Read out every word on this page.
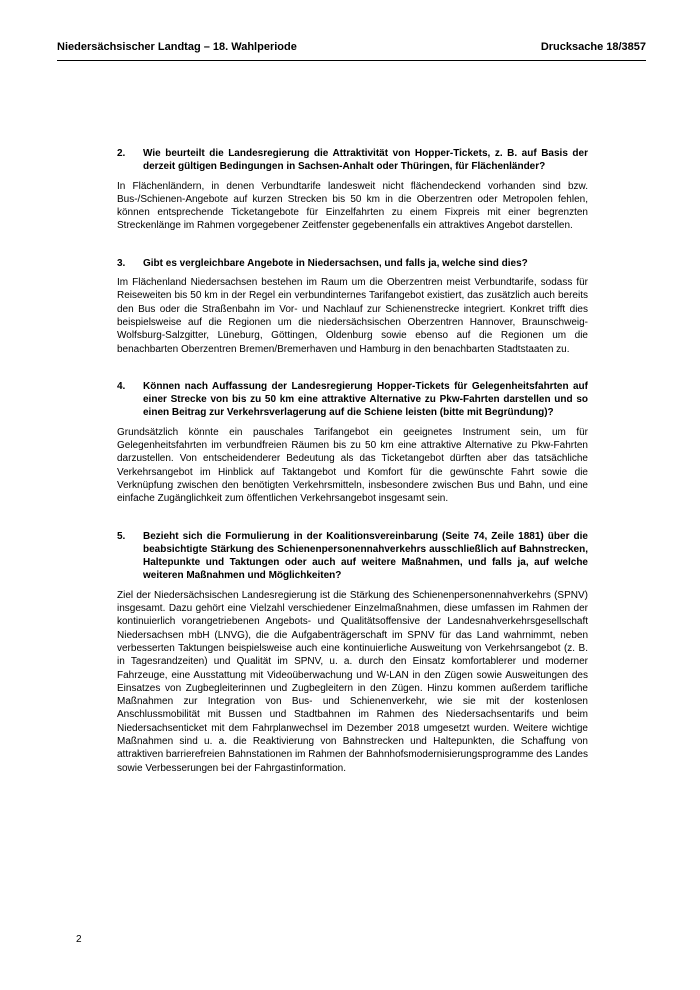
Niedersächsischer Landtag – 18. Wahlperiode	Drucksache 18/3857
2. Wie beurteilt die Landesregierung die Attraktivität von Hopper-Tickets, z. B. auf Basis der derzeit gültigen Bedingungen in Sachsen-Anhalt oder Thüringen, für Flächenländer?

In Flächenländern, in denen Verbundtarife landesweit nicht flächendeckend vorhanden sind bzw. Bus-/Schienen-Angebote auf kurzen Strecken bis 50 km in die Oberzentren oder Metropolen fehlen, können entsprechende Ticketangebote für Einzelfahrten zu einem Fixpreis mit einer begrenzten Streckenlänge im Rahmen vorgegebener Zeitfenster gegebenenfalls ein attraktives Angebot darstellen.

3. Gibt es vergleichbare Angebote in Niedersachsen, und falls ja, welche sind dies?

Im Flächenland Niedersachsen bestehen im Raum um die Oberzentren meist Verbundtarife, sodass für Reiseweiten bis 50 km in der Regel ein verbundinternes Tarifangebot existiert, das zusätzlich auch bereits den Bus oder die Straßenbahn im Vor- und Nachlauf zur Schienenstrecke integriert. Konkret trifft dies beispielsweise auf die Regionen um die niedersächsischen Oberzentren Hannover, Braunschweig-Wolfsburg-Salzgitter, Lüneburg, Göttingen, Oldenburg sowie ebenso auf die Regionen um die benachbarten Oberzentren Bremen/Bremerhaven und Hamburg in den benachbarten Stadtstaaten zu.

4. Können nach Auffassung der Landesregierung Hopper-Tickets für Gelegenheitsfahrten auf einer Strecke von bis zu 50 km eine attraktive Alternative zu Pkw-Fahrten darstellen und so einen Beitrag zur Verkehrsverlagerung auf die Schiene leisten (bitte mit Begründung)?

Grundsätzlich könnte ein pauschales Tarifangebot ein geeignetes Instrument sein, um für Gelegenheitsfahrten im verbundfreien Räumen bis zu 50 km eine attraktive Alternative zu Pkw-Fahrten darzustellen. Von entscheidenderer Bedeutung als das Ticketangebot dürften aber das tatsächliche Verkehrsangebot im Hinblick auf Taktangebot und Komfort für die gewünschte Fahrt sowie die Verknüpfung zwischen den benötigten Verkehrsmitteln, insbesondere zwischen Bus und Bahn, und eine einfache Zugänglichkeit zum öffentlichen Verkehrsangebot insgesamt sein.

5. Bezieht sich die Formulierung in der Koalitionsvereinbarung (Seite 74, Zeile 1881) über die beabsichtigte Stärkung des Schienenpersonennahverkehrs ausschließlich auf Bahnstrecken, Haltepunkte und Taktungen oder auch auf weitere Maßnahmen, und falls ja, auf welche weiteren Maßnahmen und Möglichkeiten?

Ziel der Niedersächsischen Landesregierung ist die Stärkung des Schienenpersonennahverkehrs (SPNV) insgesamt. Dazu gehört eine Vielzahl verschiedener Einzelmaßnahmen, diese umfassen im Rahmen der kontinuierlich vorangetriebenen Angebots- und Qualitätsoffensive der Landesnahverkehrsgesellschaft Niedersachsen mbH (LNVG), die die Aufgabenträgerschaft im SPNV für das Land wahrnimmt, neben verbesserten Taktungen beispielsweise auch eine kontinuierliche Ausweitung von Verkehrsangebot (z. B. in Tagesrandzeiten) und Qualität im SPNV, u. a. durch den Einsatz komfortablerer und moderner Fahrzeuge, eine Ausstattung mit Videoüberwachung und W-LAN in den Zügen sowie Ausweitungen des Einsatzes von Zugbegleiterinnen und Zugbegleitern in den Zügen. Hinzu kommen außerdem tarifliche Maßnahmen zur Integration von Bus- und Schienenverkehr, wie sie mit der kostenlosen Anschlussmobilität mit Bussen und Stadtbahnen im Rahmen des Niedersachsentarifs und beim Niedersachsenticket mit dem Fahrplanwechsel im Dezember 2018 umgesetzt wurden. Weitere wichtige Maßnahmen sind u. a. die Reaktivierung von Bahnstrecken und Haltepunkten, die Schaffung von attraktiven barrierefreien Bahnstationen im Rahmen der Bahnhofsmodernisierungsprogramme des Landes sowie Verbesserungen bei der Fahrgastinformation.

2
